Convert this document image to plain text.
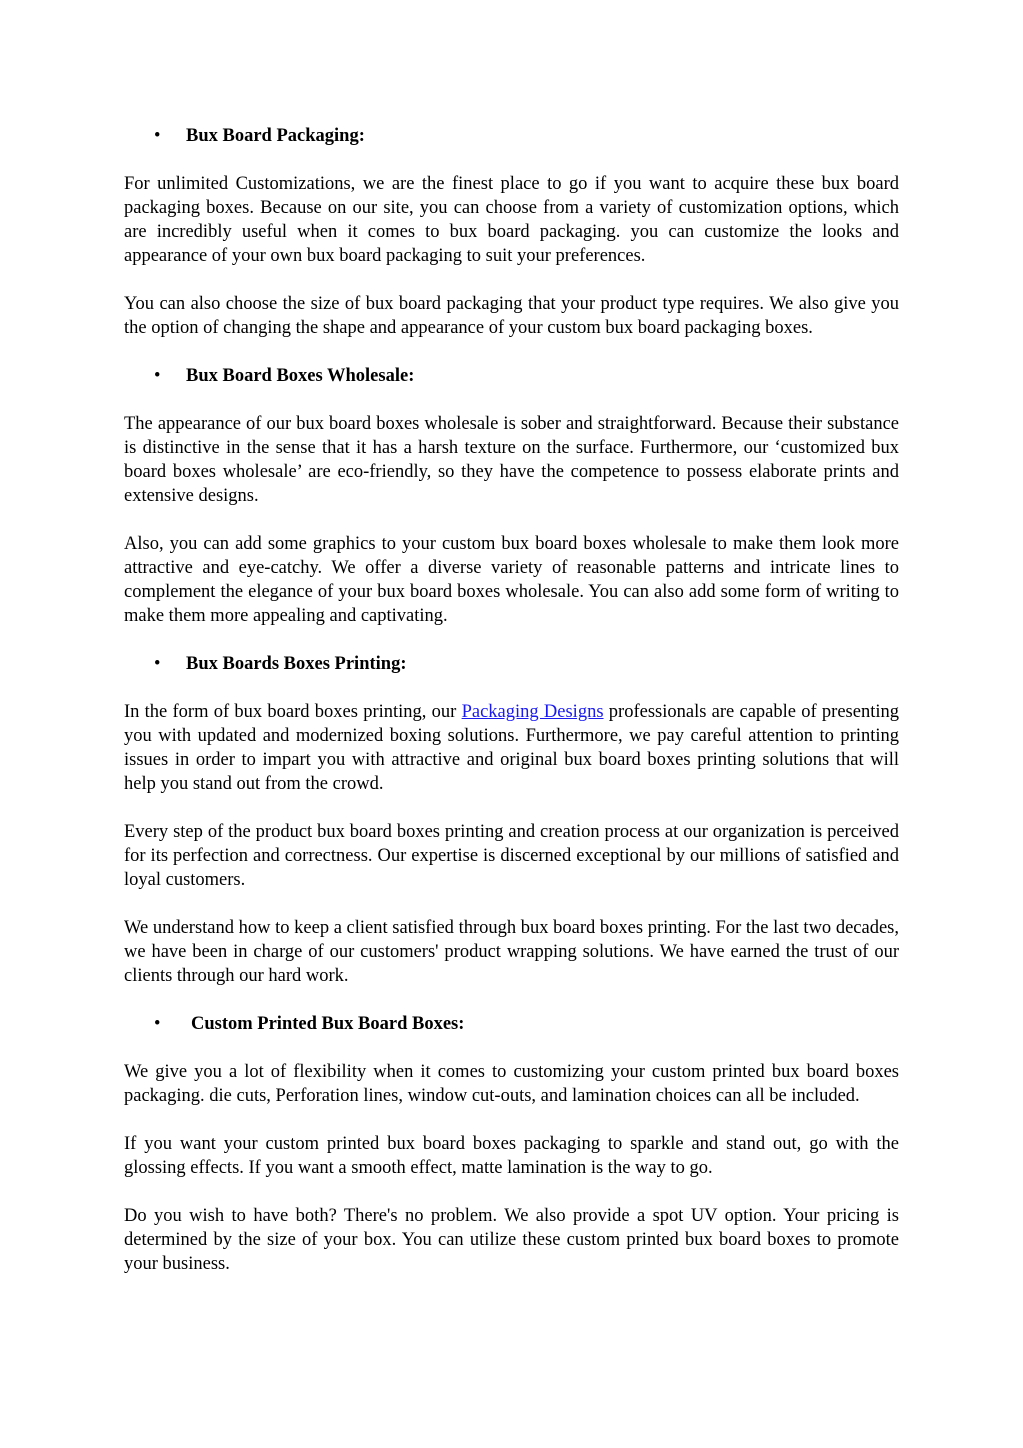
•	Bux Board Packaging:

For unlimited Customizations, we are the finest place to go if you want to acquire these bux board packaging boxes. Because on our site, you can choose from a variety of customization options, which are incredibly useful when it comes to bux board packaging. you can customize the looks and appearance of your own bux board packaging to suit your preferences.

You can also choose the size of bux board packaging that your product type requires. We also give you the option of changing the shape and appearance of your custom bux board packaging boxes.

•	Bux Board Boxes Wholesale:

The appearance of our bux board boxes wholesale is sober and straightforward. Because their substance is distinctive in the sense that it has a harsh texture on the surface. Furthermore, our ‘customized bux board boxes wholesale’ are eco-friendly, so they have the competence to possess elaborate prints and extensive designs.

Also, you can add some graphics to your custom bux board boxes wholesale to make them look more attractive and eye-catchy. We offer a diverse variety of reasonable patterns and intricate lines to complement the elegance of your bux board boxes wholesale. You can also add some form of writing to make them more appealing and captivating.

•	Bux Boards Boxes Printing:

In the form of bux board boxes printing, our Packaging Designs professionals are capable of presenting you with updated and modernized boxing solutions. Furthermore, we pay careful attention to printing issues in order to impart you with attractive and original bux board boxes printing solutions that will help you stand out from the crowd.

Every step of the product bux board boxes printing and creation process at our organization is perceived for its perfection and correctness. Our expertise is discerned exceptional by our millions of satisfied and loyal customers.

We understand how to keep a client satisfied through bux board boxes printing. For the last two decades, we have been in charge of our customers' product wrapping solutions. We have earned the trust of our clients through our hard work.

•	Custom Printed Bux Board Boxes:

We give you a lot of flexibility when it comes to customizing your custom printed bux board boxes packaging. die cuts, Perforation lines, window cut-outs, and lamination choices can all be included.

If you want your custom printed bux board boxes packaging to sparkle and stand out, go with the glossing effects. If you want a smooth effect, matte lamination is the way to go.

Do you wish to have both? There's no problem. We also provide a spot UV option. Your pricing is determined by the size of your box. You can utilize these custom printed bux board boxes to promote your business.
